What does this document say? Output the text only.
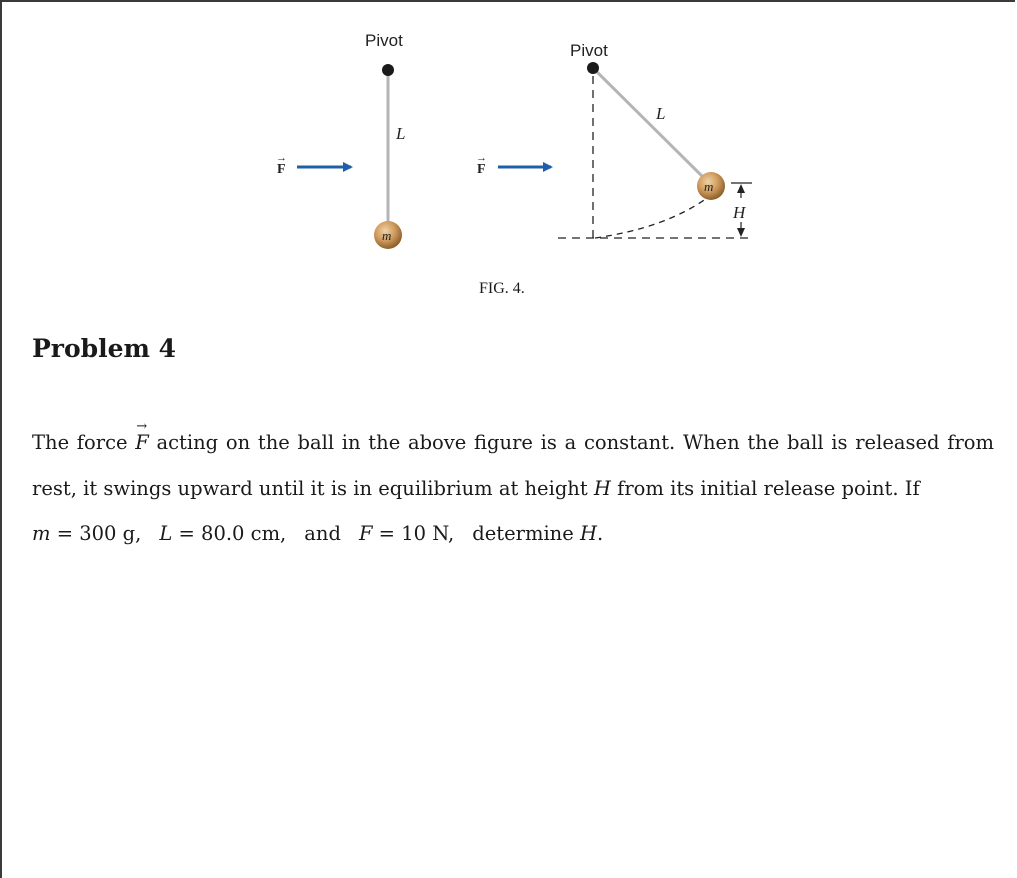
Pivot
L
m
F
→
Pivot
L
m
H
F
→
FIG. 4.
Problem 4

The force → F acting on the ball in the above figure is a constant. When the ball is released from rest, it swings upward until it is in equilibrium at height H from its initial release point. If
m = 300 g, L = 80.0 cm, and F = 10 N, determine H.
